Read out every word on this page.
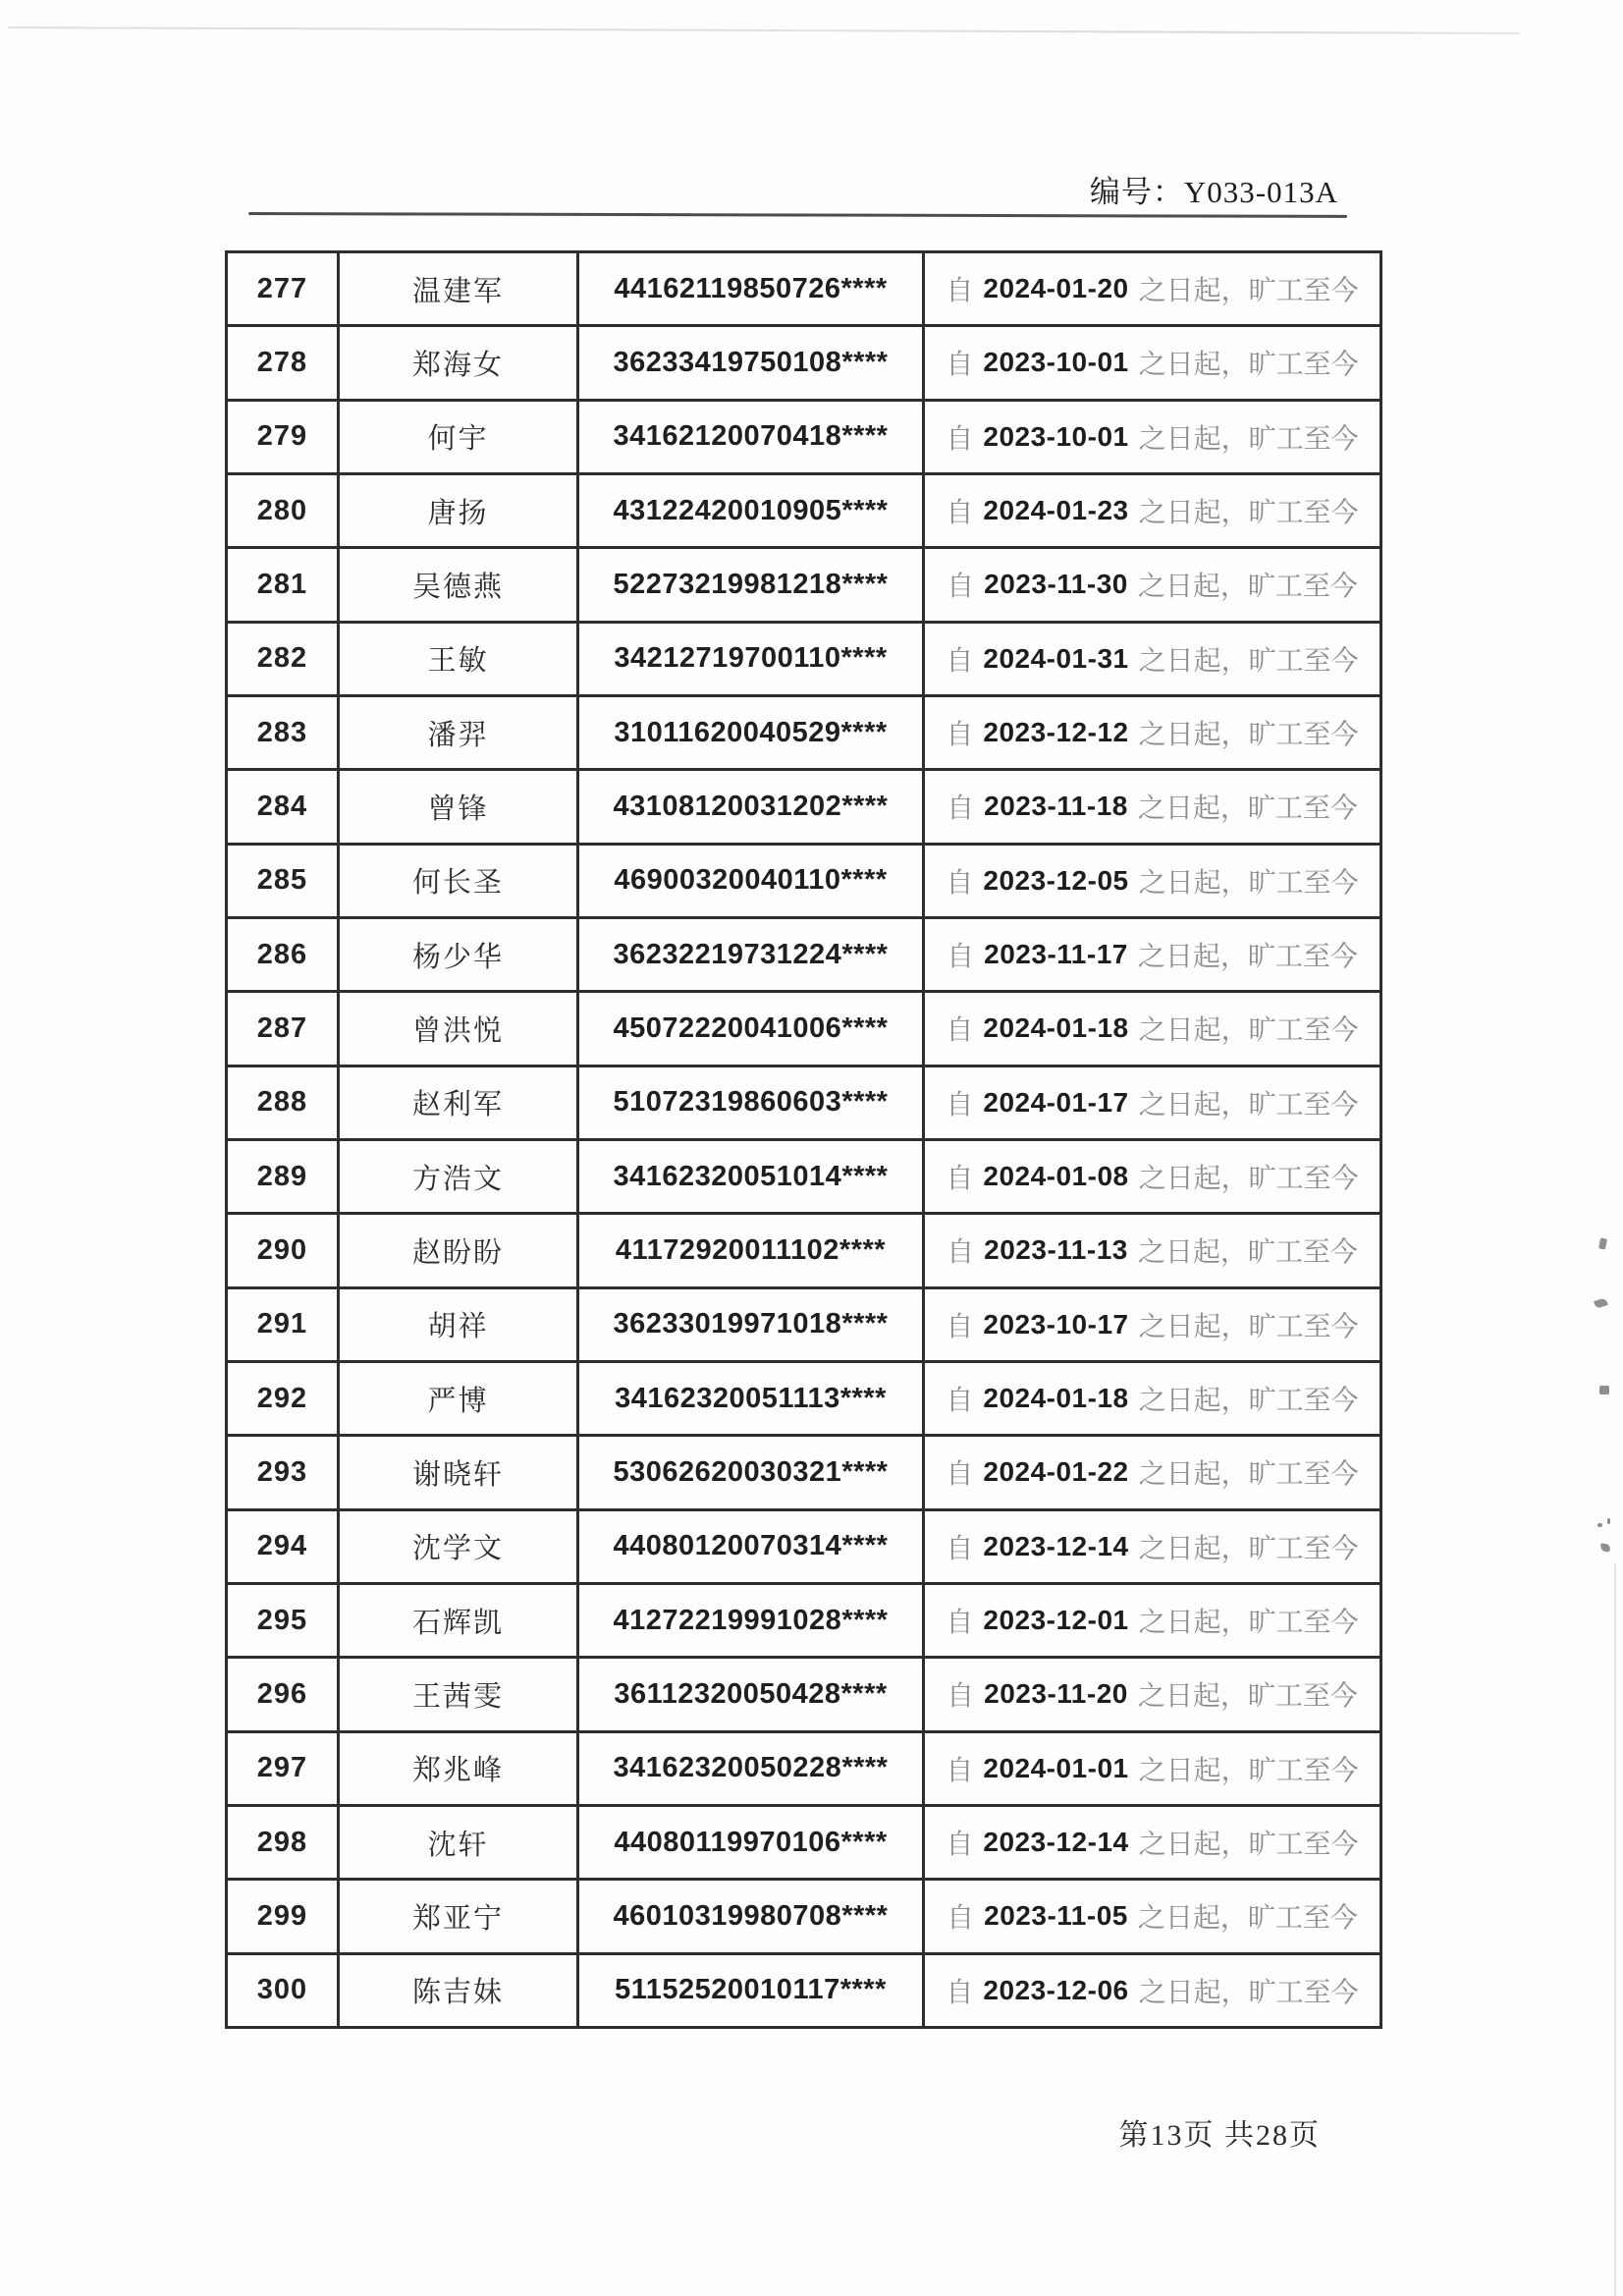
编号：Y033-013A
277	温建军	44162119850726****	自 2024-01-20 之日起，旷工至今
278	郑海女	36233419750108****	自 2023-10-01 之日起，旷工至今
279	何宇	34162120070418****	自 2023-10-01 之日起，旷工至今
280	唐扬	43122420010905****	自 2024-01-23 之日起，旷工至今
281	吴德燕	52273219981218****	自 2023-11-30 之日起，旷工至今
282	王敏	34212719700110****	自 2024-01-31 之日起，旷工至今
283	潘羿	31011620040529****	自 2023-12-12 之日起，旷工至今
284	曾锋	43108120031202****	自 2023-11-18 之日起，旷工至今
285	何长圣	46900320040110****	自 2023-12-05 之日起，旷工至今
286	杨少华	36232219731224****	自 2023-11-17 之日起，旷工至今
287	曾洪悦	45072220041006****	自 2024-01-18 之日起，旷工至今
288	赵利军	51072319860603****	自 2024-01-17 之日起，旷工至今
289	方浩文	34162320051014****	自 2024-01-08 之日起，旷工至今
290	赵盼盼	41172920011102****	自 2023-11-13 之日起，旷工至今
291	胡祥	36233019971018****	自 2023-10-17 之日起，旷工至今
292	严博	34162320051113****	自 2024-01-18 之日起，旷工至今
293	谢晓轩	53062620030321****	自 2024-01-22 之日起，旷工至今
294	沈学文	44080120070314****	自 2023-12-14 之日起，旷工至今
295	石辉凯	41272219991028****	自 2023-12-01 之日起，旷工至今
296	王茜雯	36112320050428****	自 2023-11-20 之日起，旷工至今
297	郑兆峰	34162320050228****	自 2024-01-01 之日起，旷工至今
298	沈轩	44080119970106****	自 2023-12-14 之日起，旷工至今
299	郑亚宁	46010319980708****	自 2023-11-05 之日起，旷工至今
300	陈吉妹	51152520010117****	自 2023-12-06 之日起，旷工至今
第13页 共28页
